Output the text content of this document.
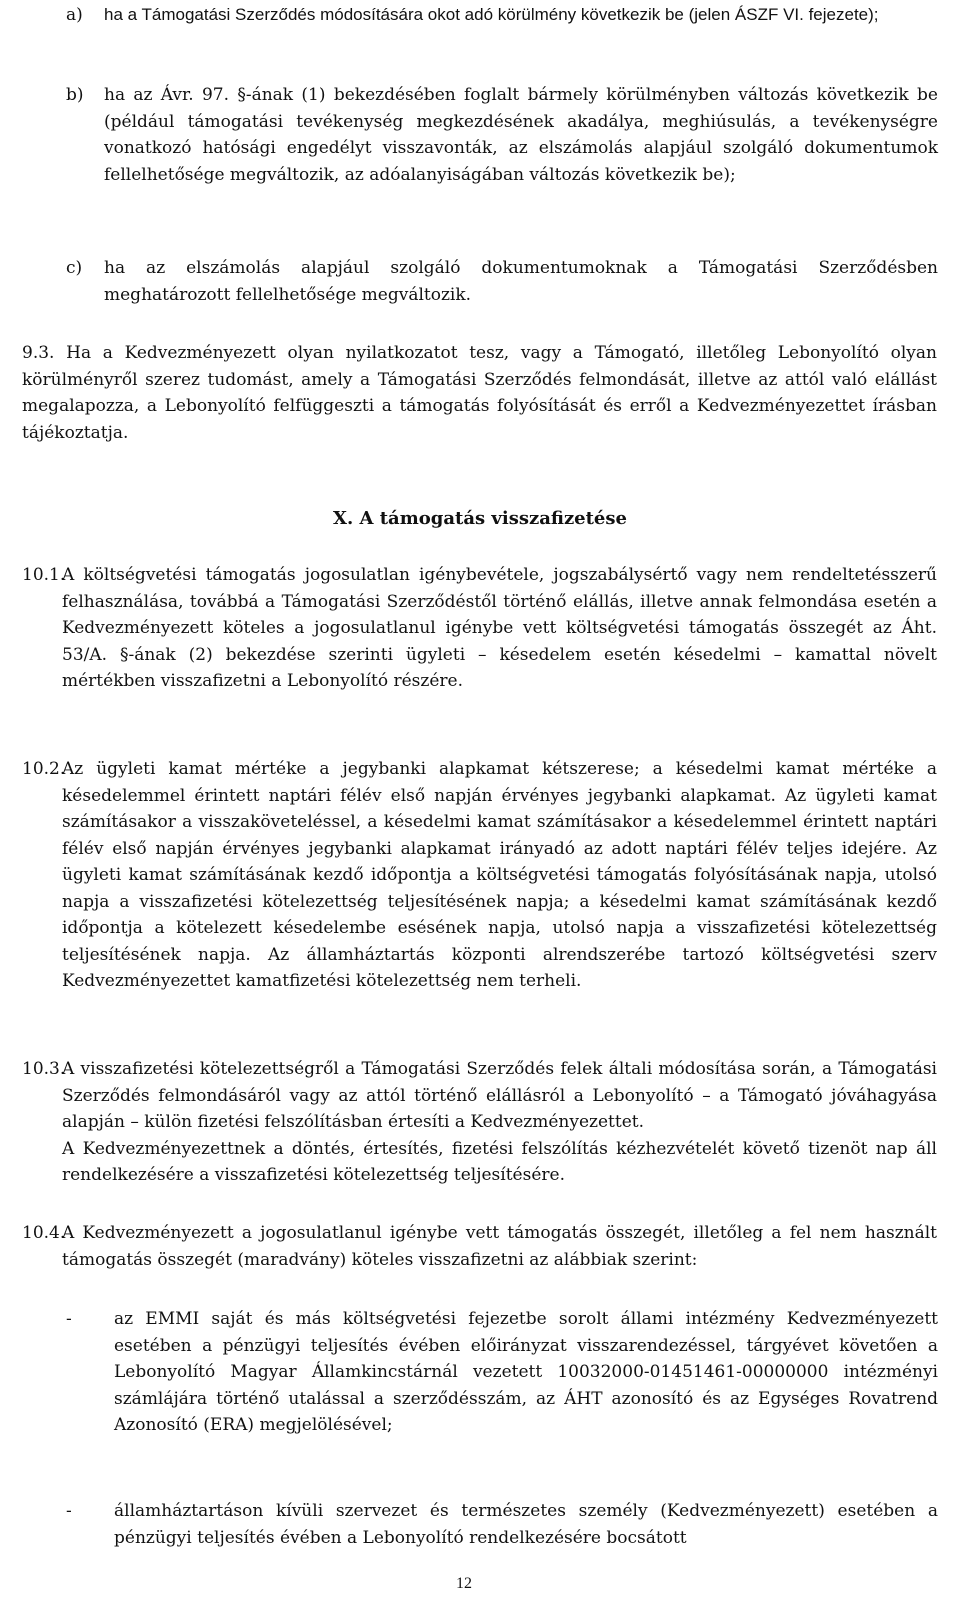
a) ha a Támogatási Szerződés módosítására okot adó körülmény következik be (jelen ÁSZF VI. fejezete);
b) ha az Ávr. 97. §-ának (1) bekezdésében foglalt bármely körülményben változás következik be (például támogatási tevékenység megkezdésének akadálya, meghiúsulás, a tevékenységre vonatkozó hatósági engedélyt visszavonták, az elszámolás alapjául szolgáló dokumentumok fellelhetősége megváltozik, az adóalanyiságában változás következik be);
c) ha az elszámolás alapjául szolgáló dokumentumoknak a Támogatási Szerződésben meghatározott fellelhetősége megváltozik.
9.3. Ha a Kedvezményezett olyan nyilatkozatot tesz, vagy a Támogató, illetőleg Lebonyolító olyan körülményről szerez tudomást, amely a Támogatási Szerződés felmondását, illetve az attól való elállást megalapozza, a Lebonyolító felfüggeszti a támogatás folyósítását és erről a Kedvezményezettet írásban tájékoztatja.
X. A támogatás visszafizetése
10.1.
A költségvetési támogatás jogosulatlan igénybevétele, jogszabálysértő vagy nem rendeltetésszerű felhasználása, továbbá a Támogatási Szerződéstől történő elállás, illetve annak felmondása esetén a Kedvezményezett köteles a jogosulatlanul igénybe vett költségvetési támogatás összegét az Áht. 53/A. §-ának (2) bekezdése szerinti ügyleti – késedelem esetén késedelmi – kamattal növelt mértékben visszafizetni a Lebonyolító részére.
10.2.
Az ügyleti kamat mértéke a jegybanki alapkamat kétszerese; a késedelmi kamat mértéke a késedelemmel érintett naptári félév első napján érvényes jegybanki alapkamat. Az ügyleti kamat számításakor a visszaköveteléssel, a késedelmi kamat számításakor a késedelemmel érintett naptári félév első napján érvényes jegybanki alapkamat irányadó az adott naptári félév teljes idejére. Az ügyleti kamat számításának kezdő időpontja a költségvetési támogatás folyósításának napja, utolsó napja a visszafizetési kötelezettség teljesítésének napja; a késedelmi kamat számításának kezdő időpontja a kötelezett késedelembe esésének napja, utolsó napja a visszafizetési kötelezettség teljesítésének napja. Az államháztartás központi alrendszerébe tartozó költségvetési szerv Kedvezményezettet kamatfizetési kötelezettség nem terheli.
10.3.

A visszafizetési kötelezettségről a Támogatási Szerződés felek általi módosítása során, a Támogatási Szerződés felmondásáról vagy az attól történő elállásról a Lebonyolító – a Támogató jóváhagyása alapján – külön fizetési felszólításban értesíti a Kedvezményezettet.

A Kedvezményezettnek a döntés, értesítés, fizetési felszólítás kézhezvételét követő tizenöt nap áll rendelkezésére a visszafizetési kötelezettség teljesítésére.

10.4.
A Kedvezményezett a jogosulatlanul igénybe vett támogatás összegét, illetőleg a fel nem használt támogatás összegét (maradvány) köteles visszafizetni az alábbiak szerint:
- az EMMI saját és más költségvetési fejezetbe sorolt állami intézmény Kedvezményezett esetében a pénzügyi teljesítés évében előirányzat visszarendezéssel, tárgyévet követően a Lebonyolító Magyar Államkincstárnál vezetett 10032000-01451461-00000000 intézményi számlájára történő utalással a szerződésszám, az ÁHT azonosító és az Egységes Rovatrend Azonosító (ERA) megjelölésével;
- államháztartáson kívüli szervezet és természetes személy (Kedvezményezett) esetében a pénzügyi teljesítés évében a Lebonyolító rendelkezésére bocsátott
12
